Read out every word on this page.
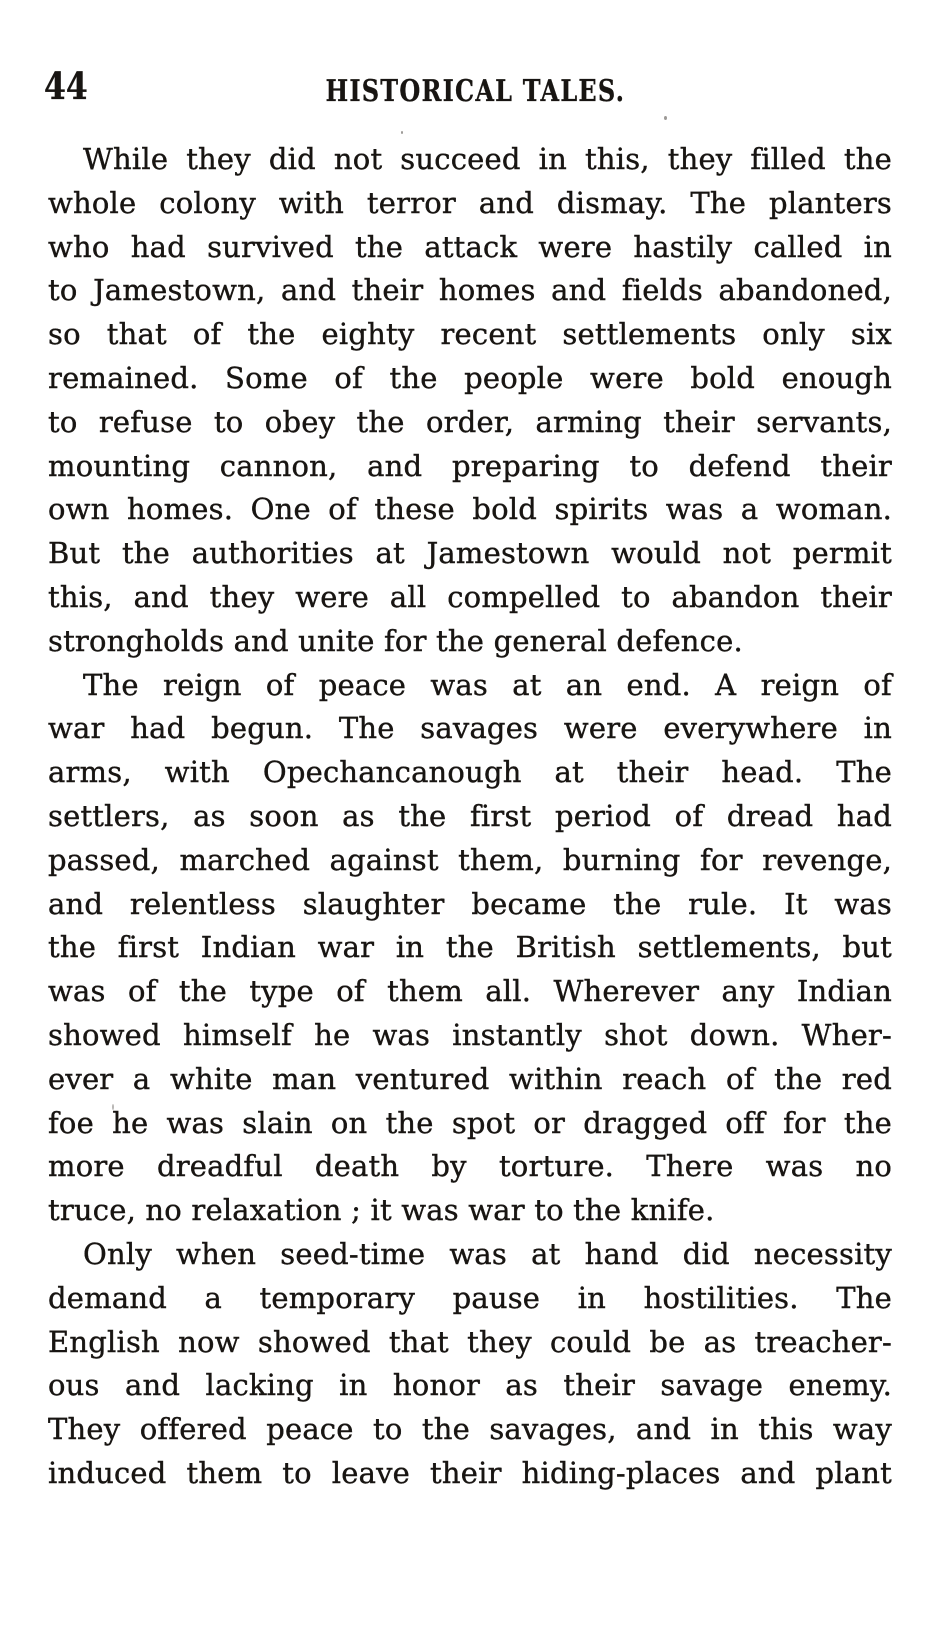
44	HISTORICAL TALES.
While they did not succeed in this, they filled the
whole colony with terror and dismay. The planters
who had survived the attack were hastily called in
to Jamestown, and their homes and fields abandoned,
so that of the eighty recent settlements only six
remained. Some of the people were bold enough
to refuse to obey the order, arming their servants,
mounting cannon, and preparing to defend their
own homes. One of these bold spirits was a woman.
But the authorities at Jamestown would not permit
this, and they were all compelled to abandon their
strongholds and unite for the general defence.
The reign of peace was at an end. A reign of
war had begun. The savages were everywhere in
arms, with Opechancanough at their head. The
settlers, as soon as the first period of dread had
passed, marched against them, burning for revenge,
and relentless slaughter became the rule. It was
the first Indian war in the British settlements, but
was of the type of them all. Wherever any Indian
showed himself he was instantly shot down. Wher-
ever a white man ventured within reach of the red
foe he was slain on the spot or dragged off for the
more dreadful death by torture. There was no
truce, no relaxation ; it was war to the knife.
Only when seed-time was at hand did necessity
demand a temporary pause in hostilities. The
English now showed that they could be as treacher-
ous and lacking in honor as their savage enemy.
They offered peace to the savages, and in this way
induced them to leave their hiding-places and plant
